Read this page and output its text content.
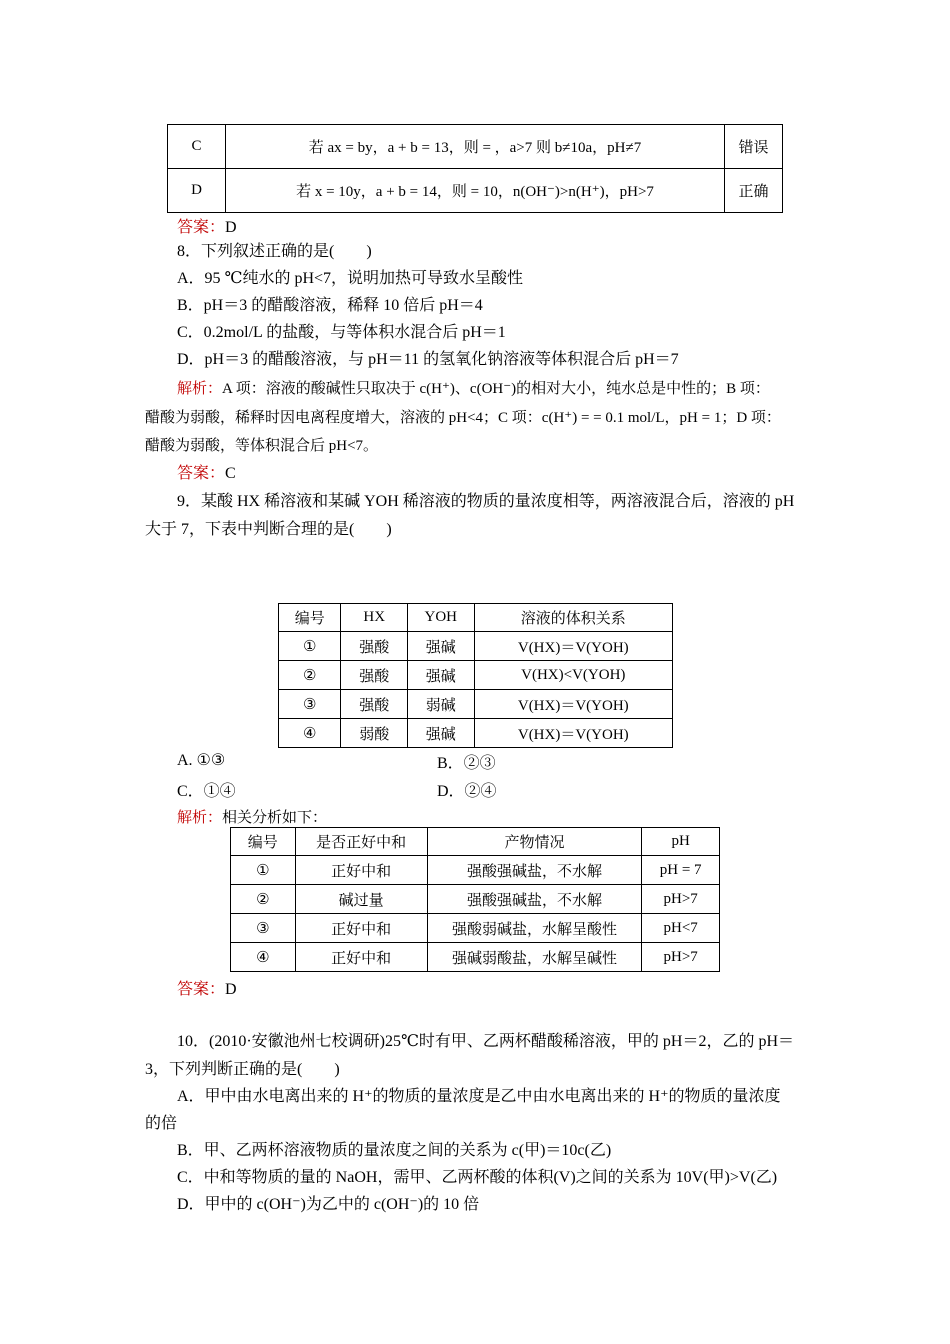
C	若 ax = by，a + b = 13，则 = ，a>7 则 b≠10a，pH≠7	错误
D	若 x = 10y，a + b = 14，则 = 10，n(OH⁻)>n(H⁺)，pH>7	正确
答案：D
8．下列叙述正确的是(　　)
A．95 ℃纯水的 pH<7，说明加热可导致水呈酸性
B．pH＝3 的醋酸溶液，稀释 10 倍后 pH＝4
C．0.2mol/L 的盐酸，与等体积水混合后 pH＝1
D．pH＝3 的醋酸溶液，与 pH＝11 的氢氧化钠溶液等体积混合后 pH＝7
解析：A 项：溶液的酸碱性只取决于 c(H⁺)、c(OH⁻)的相对大小，纯水总是中性的；B 项：
醋酸为弱酸，稀释时因电离程度增大，溶液的 pH<4；C 项：c(H⁺) = = 0.1 mol/L，pH = 1；D 项：
醋酸为弱酸，等体积混合后 pH<7。
答案：C
9．某酸 HX 稀溶液和某碱 YOH 稀溶液的物质的量浓度相等，两溶液混合后，溶液的 pH
大于 7，下表中判断合理的是(　　)
编号	HX	YOH	溶液的体积关系
①	强酸	强碱	V(HX)＝V(YOH)
②	强酸	强碱	V(HX)<V(YOH)
③	强酸	弱碱	V(HX)＝V(YOH)
④	弱酸	强碱	V(HX)＝V(YOH)
A. ①③	B．②③
C．①④	D．②④
解析：相关分析如下：
编号	是否正好中和	产物情况	pH
①	正好中和	强酸强碱盐，不水解	pH = 7
②	碱过量	强酸强碱盐，不水解	pH>7
③	正好中和	强酸弱碱盐，水解呈酸性	pH<7
④	正好中和	强碱弱酸盐，水解呈碱性	pH>7
答案：D
10．(2010·安徽池州七校调研)25℃时有甲、乙两杯醋酸稀溶液，甲的 pH＝2，乙的 pH＝
3，下列判断正确的是(　　)
A．甲中由水电离出来的 H⁺的物质的量浓度是乙中由水电离出来的 H⁺的物质的量浓度
的倍
B．甲、乙两杯溶液物质的量浓度之间的关系为 c(甲)＝10c(乙)
C．中和等物质的量的 NaOH，需甲、乙两杯酸的体积(V)之间的关系为 10V(甲)>V(乙)
D．甲中的 c(OH⁻)为乙中的 c(OH⁻)的 10 倍
